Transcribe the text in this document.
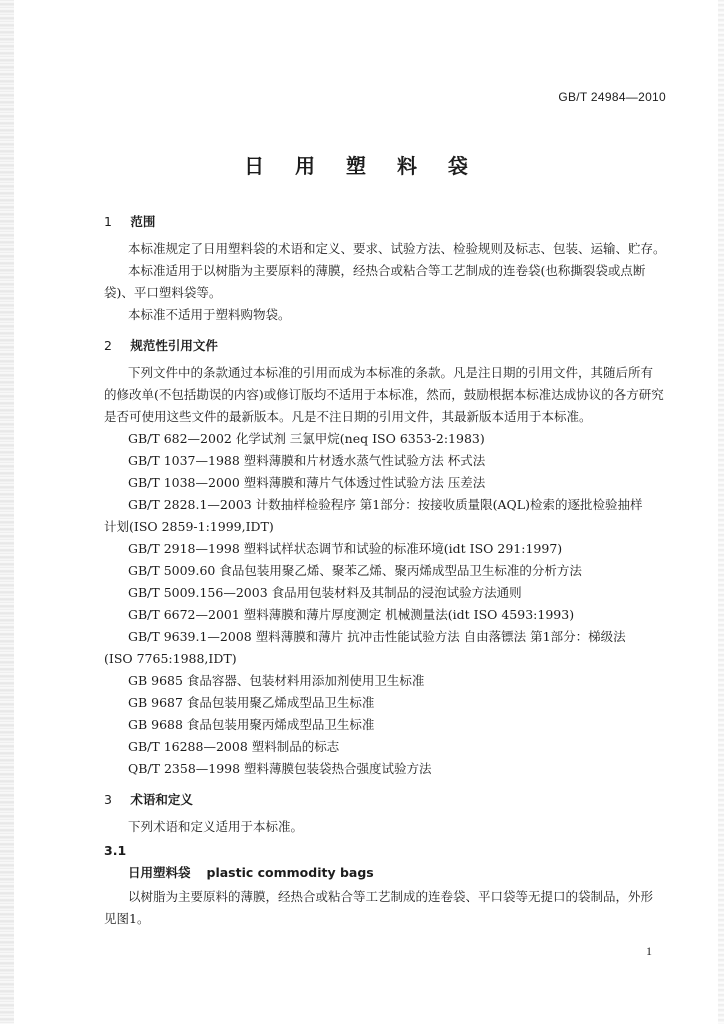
GB/T 24984—2010
日 用 塑 料 袋
1 范围
本标准规定了日用塑料袋的术语和定义、要求、试验方法、检验规则及标志、包装、运输、贮存。
本标准适用于以树脂为主要原料的薄膜，经热合或粘合等工艺制成的连卷袋(也称撕裂袋或点断
袋)、平口塑料袋等。
本标准不适用于塑料购物袋。
2 规范性引用文件
下列文件中的条款通过本标准的引用而成为本标准的条款。凡是注日期的引用文件，其随后所有
的修改单(不包括勘误的内容)或修订版均不适用于本标准，然而，鼓励根据本标准达成协议的各方研究
是否可使用这些文件的最新版本。凡是不注日期的引用文件，其最新版本适用于本标准。
GB/T 682—2002 化学试剂 三氯甲烷(neq ISO 6353-2:1983)
GB/T 1037—1988 塑料薄膜和片材透水蒸气性试验方法 杯式法
GB/T 1038—2000 塑料薄膜和薄片气体透过性试验方法 压差法
GB/T 2828.1—2003 计数抽样检验程序 第1部分：按接收质量限(AQL)检索的逐批检验抽样
计划(ISO 2859-1:1999,IDT)
GB/T 2918—1998 塑料试样状态调节和试验的标准环境(idt ISO 291:1997)
GB/T 5009.60 食品包装用聚乙烯、聚苯乙烯、聚丙烯成型品卫生标准的分析方法
GB/T 5009.156—2003 食品用包装材料及其制品的浸泡试验方法通则
GB/T 6672—2001 塑料薄膜和薄片厚度测定 机械测量法(idt ISO 4593:1993)
GB/T 9639.1—2008 塑料薄膜和薄片 抗冲击性能试验方法 自由落镖法 第1部分：梯级法
(ISO 7765:1988,IDT)
GB 9685 食品容器、包装材料用添加剂使用卫生标准
GB 9687 食品包装用聚乙烯成型品卫生标准
GB 9688 食品包装用聚丙烯成型品卫生标准
GB/T 16288—2008 塑料制品的标志
QB/T 2358—1998 塑料薄膜包装袋热合强度试验方法
3 术语和定义
下列术语和定义适用于本标准。
3.1
日用塑料袋 plastic commodity bags
以树脂为主要原料的薄膜，经热合或粘合等工艺制成的连卷袋、平口袋等无提口的袋制品，外形
见图1。
1
